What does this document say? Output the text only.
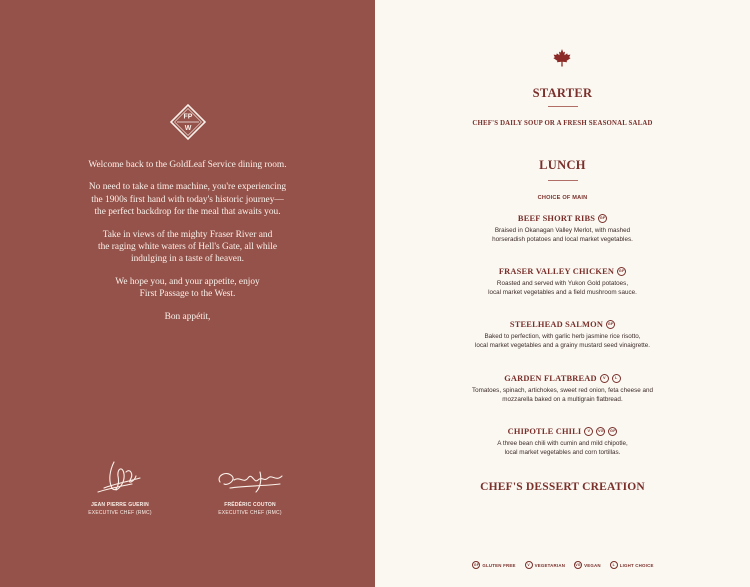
FP
W

Welcome back to the GoldLeaf Service dining room.

No need to take a time machine, you're experiencing
the 1900s first hand with today's historic journey—
the perfect backdrop for the meal that awaits you.

Take in views of the mighty Fraser River and
the raging white waters of Hell's Gate, all while
indulging in a taste of heaven.

We hope you, and your appetite, enjoy
First Passage to the West.

Bon appétit,

JEAN PIERRE GUERIN
EXECUTIVE CHEF (RMC)
FRÉDÉRIC COUTON
EXECUTIVE CHEF (RMC)
STARTER
CHEF'S DAILY SOUP OR A FRESH SEASONAL SALAD
LUNCH
CHOICE OF MAIN
BEEF SHORT RIBS	GF
Braised in Okanagan Valley Merlot, with mashed
horseradish potatoes and local market vegetables.
FRASER VALLEY CHICKEN	GF
Roasted and served with Yukon Gold potatoes,
local market vegetables and a field mushroom sauce.
STEELHEAD SALMON	GF
Baked to perfection, with garlic herb jasmine rice risotto,
local market vegetables and a grainy mustard seed vinaigrette.
GARDEN FLATBREAD	V	L
Tomatoes, spinach, artichokes, sweet red onion, feta cheese and
mozzarella baked on a multigrain flatbread.
CHIPOTLE CHILI	V	VG	GF
A three bean chili with cumin and mild chipotle,
local market vegetables and corn tortillas.
CHEF'S DESSERT CREATION
GF GLUTEN FREE	V	VEGETARIAN	VG VEGAN	L	LIGHT CHOICE
